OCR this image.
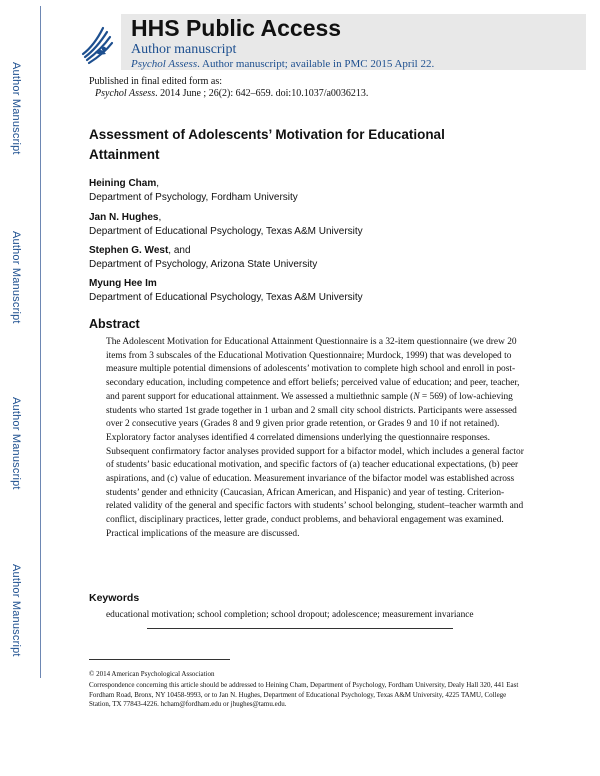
Author Manuscript
Author Manuscript
Author Manuscript
Author Manuscript
HHS Public Access
Author manuscript
Psychol Assess. Author manuscript; available in PMC 2015 April 22.
Published in final edited form as:
Psychol Assess. 2014 June ; 26(2): 642–659. doi:10.1037/a0036213.
Assessment of Adolescents’ Motivation for Educational Attainment
Heining Cham,
Department of Psychology, Fordham University
Jan N. Hughes,
Department of Educational Psychology, Texas A&M University
Stephen G. West, and
Department of Psychology, Arizona State University
Myung Hee Im
Department of Educational Psychology, Texas A&M University
Abstract

The Adolescent Motivation for Educational Attainment Questionnaire is a 32-item questionnaire (we drew 20 items from 3 subscales of the Educational Motivation Questionnaire; Murdock, 1999) that was developed to measure multiple potential dimensions of adolescents’ motivation to complete high school and enroll in post-secondary education, including competence and effort beliefs; perceived value of education; and peer, teacher, and parent support for educational attainment. We assessed a multiethnic sample (N = 569) of low-achieving students who started 1st grade together in 1 urban and 2 small city school districts. Participants were assessed over 2 consecutive years (Grades 8 and 9 given prior grade retention, or Grades 9 and 10 if not retained). Exploratory factor analyses identified 4 correlated dimensions underlying the questionnaire responses. Subsequent confirmatory factor analyses provided support for a bifactor model, which includes a general factor of students’ basic educational motivation, and specific factors of (a) teacher educational expectations, (b) peer aspirations, and (c) value of education. Measurement invariance of the bifactor model was established across students’ gender and ethnicity (Caucasian, African American, and Hispanic) and year of testing. Criterion-related validity of the general and specific factors with students’ school belonging, student–teacher warmth and conflict, disciplinary practices, letter grade, conduct problems, and behavioral engagement was examined. Practical implications of the measure are discussed.

Keywords
educational motivation; school completion; school dropout; adolescence; measurement invariance
© 2014 American Psychological Association
Correspondence concerning this article should be addressed to Heining Cham, Department of Psychology, Fordham University, Dealy Hall 320, 441 East Fordham Road, Bronx, NY 10458-9993, or to Jan N. Hughes, Department of Educational Psychology, Texas A&M University, 4225 TAMU, College Station, TX 77843-4226. hcham@fordham.edu or jhughes@tamu.edu.
